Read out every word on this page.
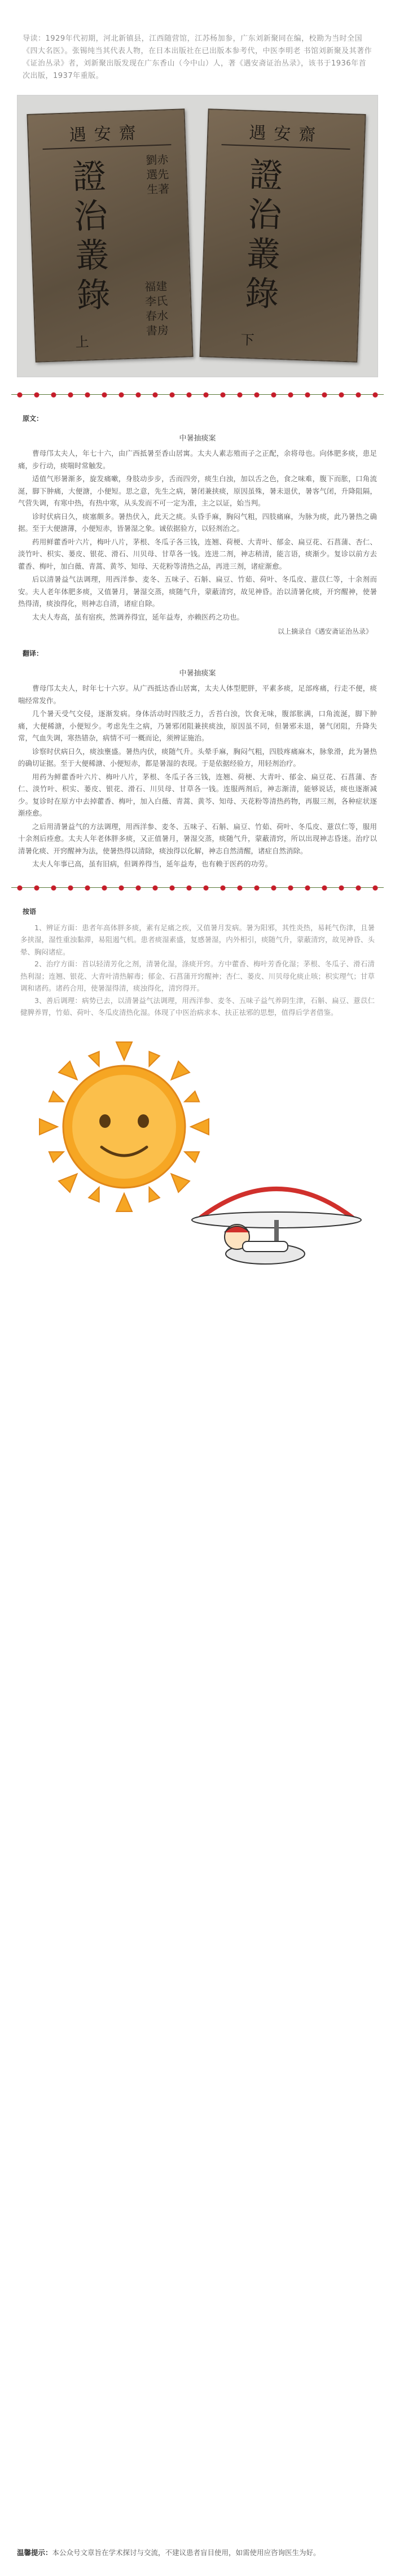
导读：1929年代初期，河北新镇县，江西随营馆，江苏杨加参，广东刘新聚同在编，校勘为当时全国《四大名医》。张锡纯当其代表人物，在日本出版社在已出版本参考代，中医李明老 书馆刘新聚及其著作《证治丛录》者，刘新聚出版发现在广东香山（今中山）人，著《遇安斋证治丛录》，该书于1936年首次出版，1937年重版。
遇安齋
證治叢錄
劉赤選先生著
福建李氏春水書房
上
遇安齋
證治叢錄
下
原文：
中暑抽痰案

曹母邝太夫人，年七十六，由广西抵暑至香山居寓。太夫人素志殖而子之正配，余将母也。向体肥多痰，患足痛，步行动，痰喘时常触发。

适值气形暑渐多，旋发痛嗽，身肢动步步，舌而四旁，痰生白浊，加以舌之色，食之味难，腹下而胀，口角流涎，脚下肿痛，大便溏，小便短。思之意，先生之病，暑闭兼挟痰，原因虽殊，暑未退伏，暑客气闭，升降阻隔，气营失调，有寒中热，有热中寒，从头发而不可一定为准，主之以证，始当判。

诊时伏病日久，痰塞颇多。暑热伏入，此天之痰。头昏手麻，胸闷气粗，四肢痛麻，为脉为痰，此乃暑热之确据。至于大便溏薄，小便短赤，皆暑湿之象。诚依据验方，以轻剂治之。

药用鲜藿香叶六片，梅叶八片，茅根、冬瓜子各三钱，连翘、荷梗、大青叶、郁金、扁豆花、石菖蒲、杏仁、淡竹叶、枳实、蒌皮、银花、滑石、川贝母、甘草各一钱。连进二剂，神志稍清，能言语，痰渐少。复诊以前方去藿香、梅叶，加白薇、青蒿、黄芩、知母、天花粉等清热之品，再进三剂，诸症渐愈。

后以清暑益气法调理，用西洋参、麦冬、五味子、石斛、扁豆、竹茹、荷叶、冬瓜皮、薏苡仁等，十余剂而安。夫人老年体肥多痰，又值暑月，暑湿交蒸，痰随气升，蒙蔽清窍，故见神昏。治以清暑化痰，开窍醒神，使暑热得清，痰浊得化，则神志自清，诸症自除。

太夫人寿高，虽有宿疾，然调养得宜，延年益寿，亦赖医药之功也。

以上摘录自《遇安斋证治丛录》
翻译：
中暑抽痰案

曹母邝太夫人，时年七十六岁。从广西抵达香山居寓，太夫人体型肥胖，平素多痰，足部疼痛，行走不便，痰喘经常发作。

几个暑天受气交侵，逐渐发病。身体活动时四肢乏力，舌苔白浊，饮食无味，腹部胀满，口角流涎，脚下肿痛，大便稀溏，小便短少。考虑先生之病，乃暑邪闭阻兼挟痰浊，原因虽不同，但暑邪未退，暑气闭阻，升降失常，气血失调，寒热错杂，病情不可一概而论，须辨证施治。

诊察时伏病日久，痰浊壅盛。暑热内伏，痰随气升。头晕手麻，胸闷气粗，四肢疼痛麻木，脉象滑，此为暑热的确切证据。至于大便稀溏、小便短赤，都是暑湿的表现。于是依据经验方，用轻剂治疗。

用药为鲜藿香叶六片、梅叶八片，茅根、冬瓜子各三钱，连翘、荷梗、大青叶、郁金、扁豆花、石菖蒲、杏仁、淡竹叶、枳实、蒌皮、银花、滑石、川贝母、甘草各一钱。连服两剂后，神志渐清，能够说话，痰也逐渐减少。复诊时在原方中去掉藿香、梅叶，加入白薇、青蒿、黄芩、知母、天花粉等清热药物，再服三剂，各种症状逐渐痊愈。

之后用清暑益气的方法调理，用西洋参、麦冬、五味子、石斛、扁豆、竹茹、荷叶、冬瓜皮、薏苡仁等，服用十余剂后痊愈。太夫人年老体胖多痰，又正值暑月，暑湿交蒸，痰随气升，蒙蔽清窍，所以出现神志昏迷。治疗以清暑化痰、开窍醒神为法，使暑热得以清除，痰浊得以化解，神志自然清醒，诸症自然消除。

太夫人年事已高，虽有旧病，但调养得当，延年益寿，也有赖于医药的功劳。

按语

1、辨证方面：患者年高体胖多痰，素有足痛之疾，又值暑月发病。暑为阳邪，其性炎热，易耗气伤津，且暑多挟湿，湿性重浊黏滞，易阻遏气机。患者痰湿素盛，复感暑湿，内外相引，痰随气升，蒙蔽清窍，故见神昏、头晕、胸闷诸症。

2、治疗方面：首以轻清芳化之剂，清暑化湿，涤痰开窍。方中藿香、梅叶芳香化湿；茅根、冬瓜子、滑石清热利湿；连翘、银花、大青叶清热解毒；郁金、石菖蒲开窍醒神；杏仁、蒌皮、川贝母化痰止咳；枳实理气；甘草调和诸药。诸药合用，使暑湿得清，痰浊得化，清窍得开。

3、善后调理：病势已去，以清暑益气法调理，用西洋参、麦冬、五味子益气养阴生津，石斛、扁豆、薏苡仁健脾养胃，竹茹、荷叶、冬瓜皮清热化湿。体现了中医治病求本、扶正祛邪的思想，值得后学者借鉴。

温馨提示：本公众号文章旨在学术探讨与交流，不建议患者盲目使用，如需使用应咨询医生为好。
